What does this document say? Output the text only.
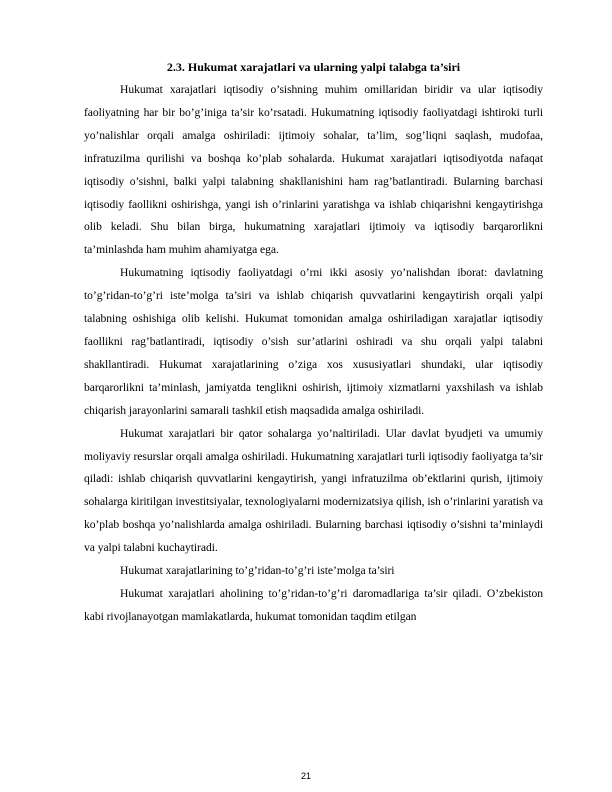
2.3. Hukumat xarajatlari va ularning yalpi talabga ta’siri

Hukumat xarajatlari iqtisodiy o’sishning muhim omillaridan biridir va ular iqtisodiy faoliyatning har bir bo’g’iniga ta’sir ko’rsatadi. Hukumatning iqtisodiy faoliyatdagi ishtiroki turli yo’nalishlar orqali amalga oshiriladi: ijtimoiy sohalar, ta’lim, sog’liqni saqlash, mudofaa, infratuzilma qurilishi va boshqa ko’plab sohalarda. Hukumat xarajatlari iqtisodiyotda nafaqat iqtisodiy o’sishni, balki yalpi talabning shakllanishini ham rag’batlantiradi. Bularning barchasi iqtisodiy faollikni oshirishga, yangi ish o’rinlarini yaratishga va ishlab chiqarishni kengaytirishga olib keladi. Shu bilan birga, hukumatning xarajatlari ijtimoiy va iqtisodiy barqarorlikni ta’minlashda ham muhim ahamiyatga ega.

Hukumatning iqtisodiy faoliyatdagi o’rni ikki asosiy yo’nalishdan iborat: davlatning to’g’ridan-to’g’ri iste’molga ta’siri va ishlab chiqarish quvvatlarini kengaytirish orqali yalpi talabning oshishiga olib kelishi. Hukumat tomonidan amalga oshiriladigan xarajatlar iqtisodiy faollikni rag’batlantiradi, iqtisodiy o’sish sur’atlarini oshiradi va shu orqali yalpi talabni shakllantiradi. Hukumat xarajatlarining o’ziga xos xususiyatlari shundaki, ular iqtisodiy barqarorlikni ta’minlash, jamiyatda tenglikni oshirish, ijtimoiy xizmatlarni yaxshilash va ishlab chiqarish jarayonlarini samarali tashkil etish maqsadida amalga oshiriladi.

Hukumat xarajatlari bir qator sohalarga yo’naltiriladi. Ular davlat byudjeti va umumiy moliyaviy resurslar orqali amalga oshiriladi. Hukumatning xarajatlari turli iqtisodiy faoliyatga ta’sir qiladi: ishlab chiqarish quvvatlarini kengaytirish, yangi infratuzilma ob’ektlarini qurish, ijtimoiy sohalarga kiritilgan investitsiyalar, texnologiyalarni modernizatsiya qilish, ish o’rinlarini yaratish va ko’plab boshqa yo’nalishlarda amalga oshiriladi. Bularning barchasi iqtisodiy o’sishni ta’minlaydi va yalpi talabni kuchaytiradi.

Hukumat xarajatlarining to’g’ridan-to’g’ri iste’molga ta’siri

Hukumat xarajatlari aholining to’g’ridan-to’g’ri daromadlariga ta’sir qiladi. O’zbekiston kabi rivojlanayotgan mamlakatlarda, hukumat tomonidan taqdim etilgan

21
